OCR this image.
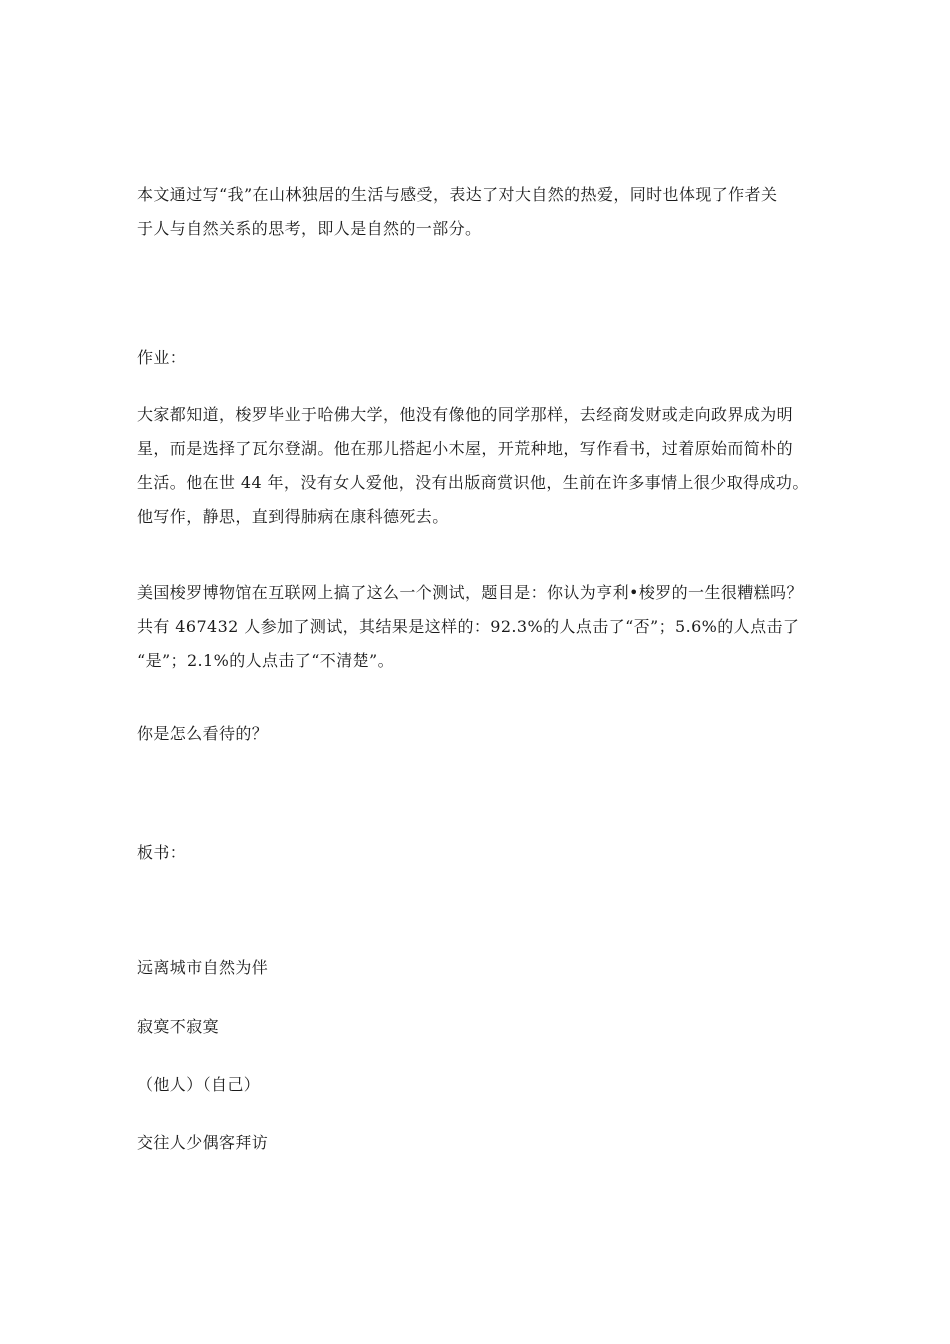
本文通过写“我”在山林独居的生活与感受，表达了对大自然的热爱，同时也体现了作者关
于人与自然关系的思考，即人是自然的一部分。

作业：

大家都知道，梭罗毕业于哈佛大学，他没有像他的同学那样，去经商发财或走向政界成为明
星，而是选择了瓦尔登湖。他在那儿搭起小木屋，开荒种地，写作看书，过着原始而简朴的
生活。他在世 44 年，没有女人爱他，没有出版商赏识他，生前在许多事情上很少取得成功。
他写作，静思，直到得肺病在康科德死去。

美国梭罗博物馆在互联网上搞了这么一个测试，题目是：你认为亨利•梭罗的一生很糟糕吗？
共有 467432 人参加了测试，其结果是这样的：92.3%的人点击了“否”；5.6%的人点击了
“是”；2.1%的人点击了“不清楚”。

你是怎么看待的？

板书：

远离城市自然为伴

寂寞不寂寞

（他人）（自己）

交往人少偶客拜访
